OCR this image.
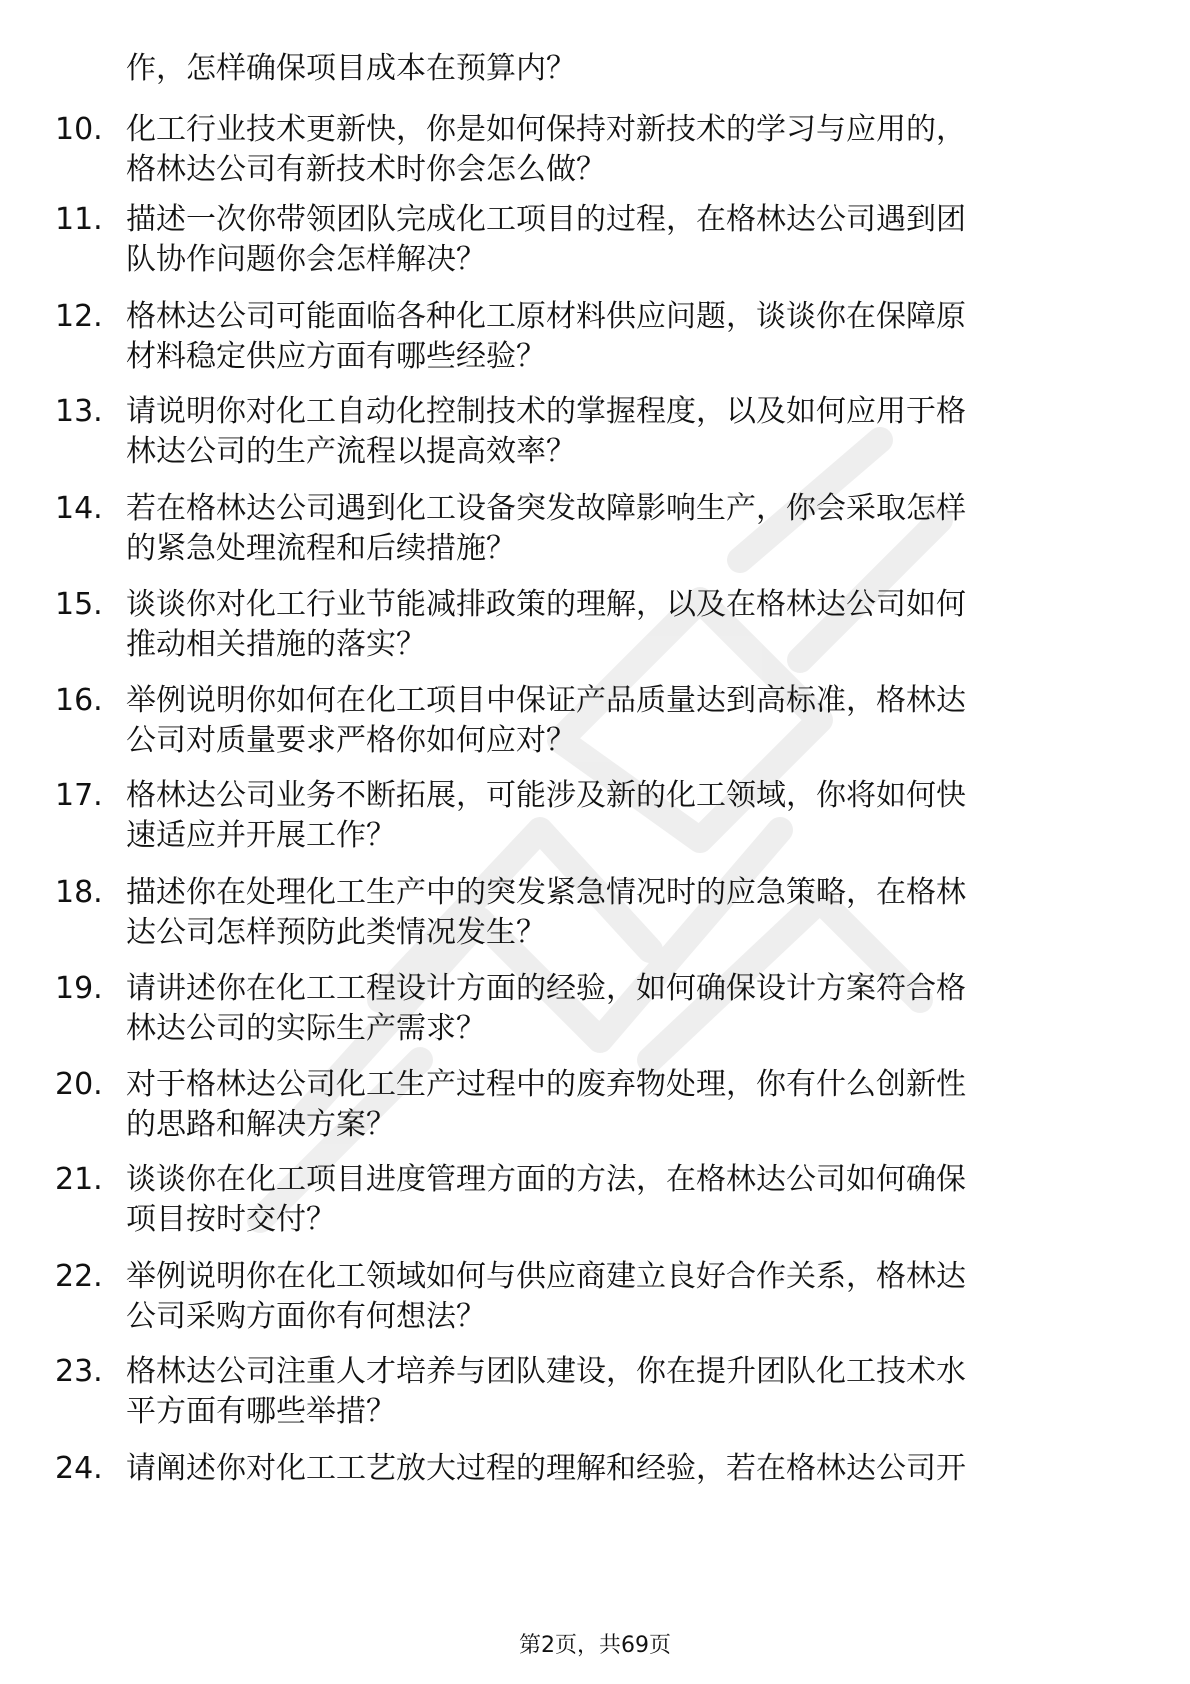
作，怎样确保项目成本在预算内？

10. 化工行业技术更新快，你是如何保持对新技术的学习与应用的，
格林达公司有新技术时你会怎么做？

11. 描述一次你带领团队完成化工项目的过程，在格林达公司遇到团
队协作问题你会怎样解决？

12. 格林达公司可能面临各种化工原材料供应问题，谈谈你在保障原
材料稳定供应方面有哪些经验？

13. 请说明你对化工自动化控制技术的掌握程度，以及如何应用于格
林达公司的生产流程以提高效率？

14. 若在格林达公司遇到化工设备突发故障影响生产，你会采取怎样
的紧急处理流程和后续措施？

15. 谈谈你对化工行业节能减排政策的理解，以及在格林达公司如何
推动相关措施的落实？

16. 举例说明你如何在化工项目中保证产品质量达到高标准，格林达
公司对质量要求严格你如何应对？

17. 格林达公司业务不断拓展，可能涉及新的化工领域，你将如何快
速适应并开展工作？

18. 描述你在处理化工生产中的突发紧急情况时的应急策略，在格林
达公司怎样预防此类情况发生？

19. 请讲述你在化工工程设计方面的经验，如何确保设计方案符合格
林达公司的实际生产需求？

20. 对于格林达公司化工生产过程中的废弃物处理，你有什么创新性
的思路和解决方案？

21. 谈谈你在化工项目进度管理方面的方法，在格林达公司如何确保
项目按时交付？

22. 举例说明你在化工领域如何与供应商建立良好合作关系，格林达
公司采购方面你有何想法？

23. 格林达公司注重人才培养与团队建设，你在提升团队化工技术水
平方面有哪些举措？

24. 请阐述你对化工工艺放大过程的理解和经验，若在格林达公司开

第2页，共69页
